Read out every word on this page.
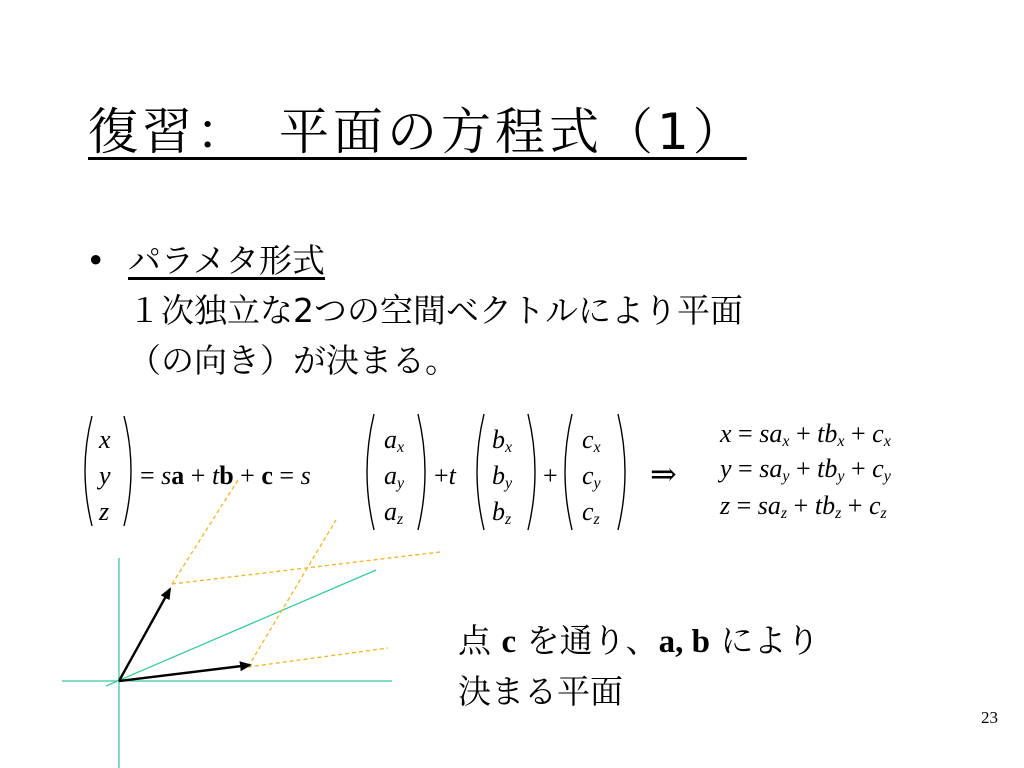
復習：　平面の方程式（1）
• パラメタ形式
１次独立な2つの空間ベクトルにより平面
（の向き）が決まる。
x
y
z
= sa + tb + c = s
$a_x$
$a_y$
$a_z$
+t
$b_x$
$b_y$
$b_z$
+
$c_x$
$c_y$
$c_z$
⇒
$x = sa_x + tb_x + c_x$
$y = sa_y + tb_y + c_y$
$z = sa_z + tb_z + c_z$
点 c を通り、a, b により
決まる平面
23
